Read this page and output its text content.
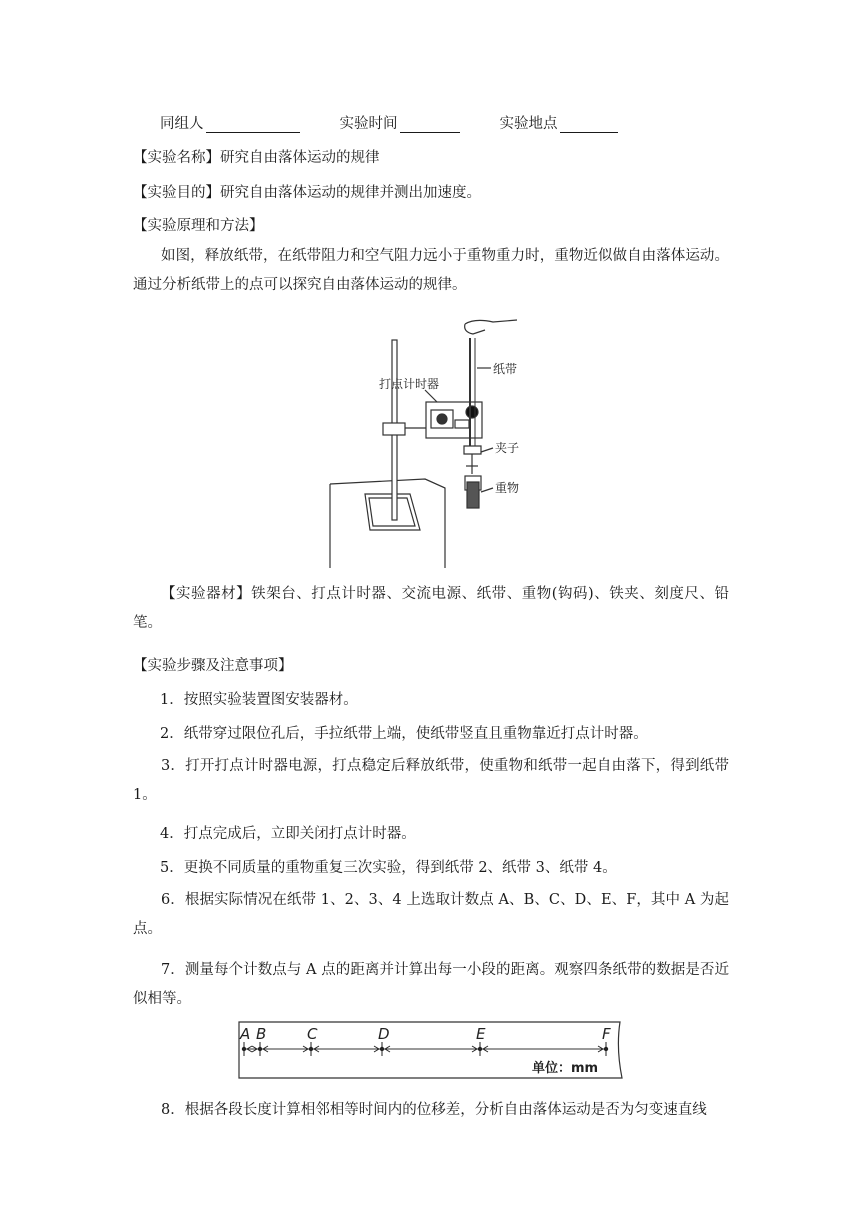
同组人	实验时间	实验地点
【实验名称】研究自由落体运动的规律
【实验目的】研究自由落体运动的规律并测出加速度。
【实验原理和方法】
如图，释放纸带，在纸带阻力和空气阻力远小于重物重力时，重物近似做自由落体运动。通过分析纸带上的点可以探究自由落体运动的规律。
打点计时器
纸带
夹子
重物
【实验器材】铁架台、打点计时器、交流电源、纸带、重物(钩码)、铁夹、刻度尺、铅笔。
【实验步骤及注意事项】
1．按照实验装置图安装器材。
2．纸带穿过限位孔后，手拉纸带上端，使纸带竖直且重物靠近打点计时器。
3．打开打点计时器电源，打点稳定后释放纸带，使重物和纸带一起自由落下，得到纸带 1。
4．打点完成后，立即关闭打点计时器。
5．更换不同质量的重物重复三次实验，得到纸带 2、纸带 3、纸带 4。
6．根据实际情况在纸带 1、2、3、4 上选取计数点 A、B、C、D、E、F，其中 A 为起点。
7．测量每个计数点与 A 点的距离并计算出每一小段的距离。观察四条纸带的数据是否近似相等。
A B	C	D	E	F
单位：mm
8．根据各段长度计算相邻相等时间内的位移差，分析自由落体运动是否为匀变速直线
